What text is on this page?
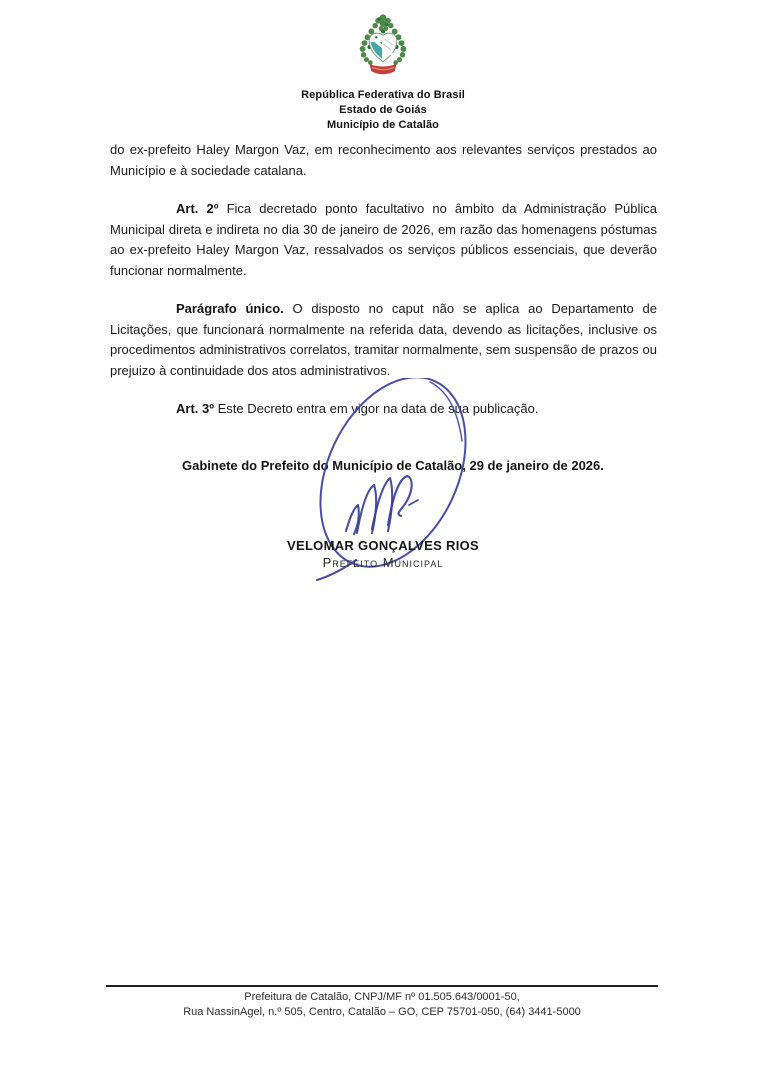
República Federativa do Brasil
Estado de Goiás
Município de Catalão

do ex-prefeito Haley Margon Vaz, em reconhecimento aos relevantes serviços prestados ao Município e à sociedade catalana.

Art. 2º Fica decretado ponto facultativo no âmbito da Administração Pública Municipal direta e indireta no dia 30 de janeiro de 2026, em razão das homenagens póstumas ao ex-prefeito Haley Margon Vaz, ressalvados os serviços públicos essenciais, que deverão funcionar normalmente.

Parágrafo único. O disposto no caput não se aplica ao Departamento de Licitações, que funcionará normalmente na referida data, devendo as licitações, inclusive os procedimentos administrativos correlatos, tramitar normalmente, sem suspensão de prazos ou prejuizo à continuidade dos atos administrativos.

Art. 3º Este Decreto entra em vigor na data de sua publicação.

Gabinete do Prefeito do Município de Catalão, 29 de janeiro de 2026.

VELOMAR GONÇALVES RIOS
Prefeito Municipal
Prefeitura de Catalão, CNPJ/MF nº 01.505.643/0001-50,
Rua NassinAgel, n.º 505, Centro, Catalão – GO, CEP 75701-050, (64) 3441-5000
